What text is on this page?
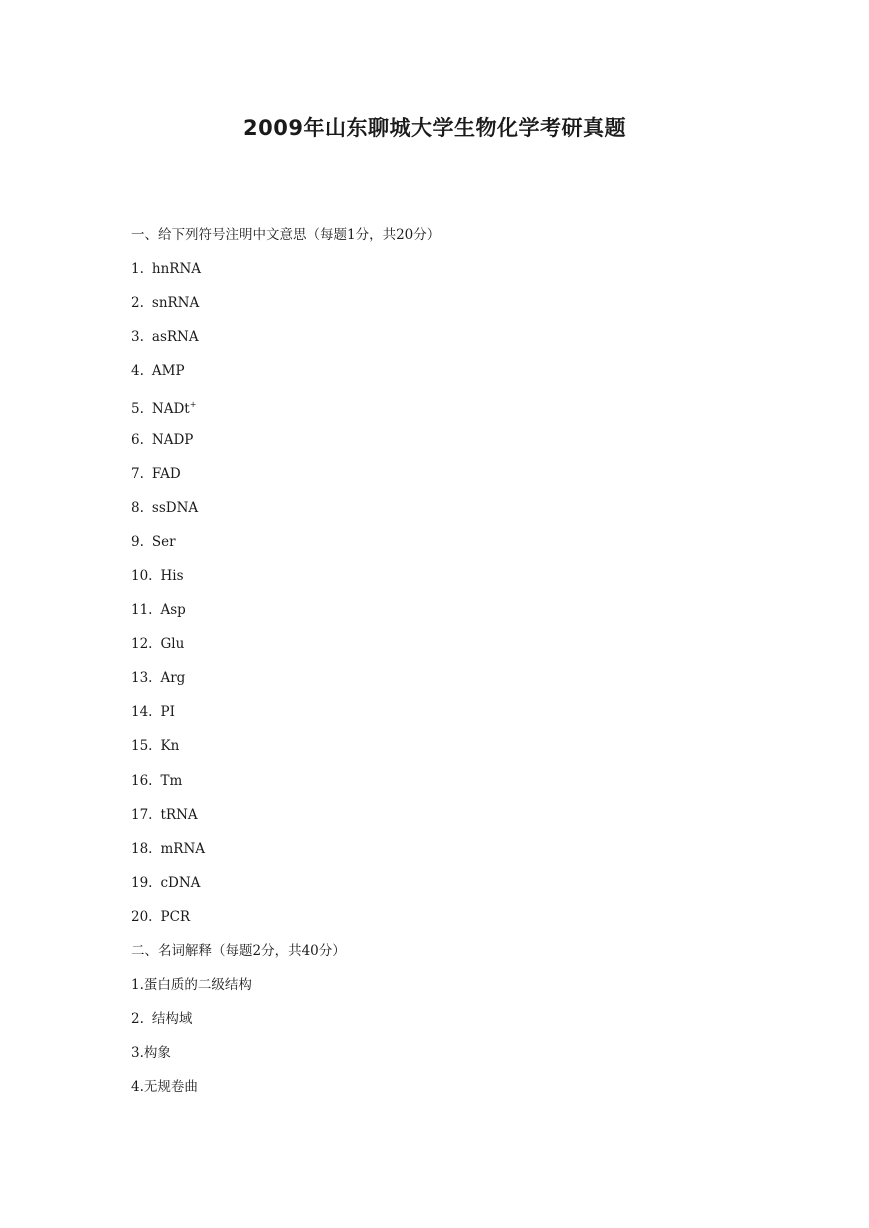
2009年山东聊城大学生物化学考研真题
一、给下列符号注明中文意思（每题1分，共20分）
1. hnRNA
2. snRNA
3. asRNA
4. AMP
5. NADt+
6. NADP
7. FAD
8. ssDNA
9. Ser
10. His
11. Asp
12. Glu
13. Arg
14. PI
15. Kn
16. Tm
17. tRNA
18. mRNA
19. cDNA
20. PCR
二、名词解释（每题2分，共40分）
1.蛋白质的二级结构
2. 结构域
3.构象
4.无规卷曲
